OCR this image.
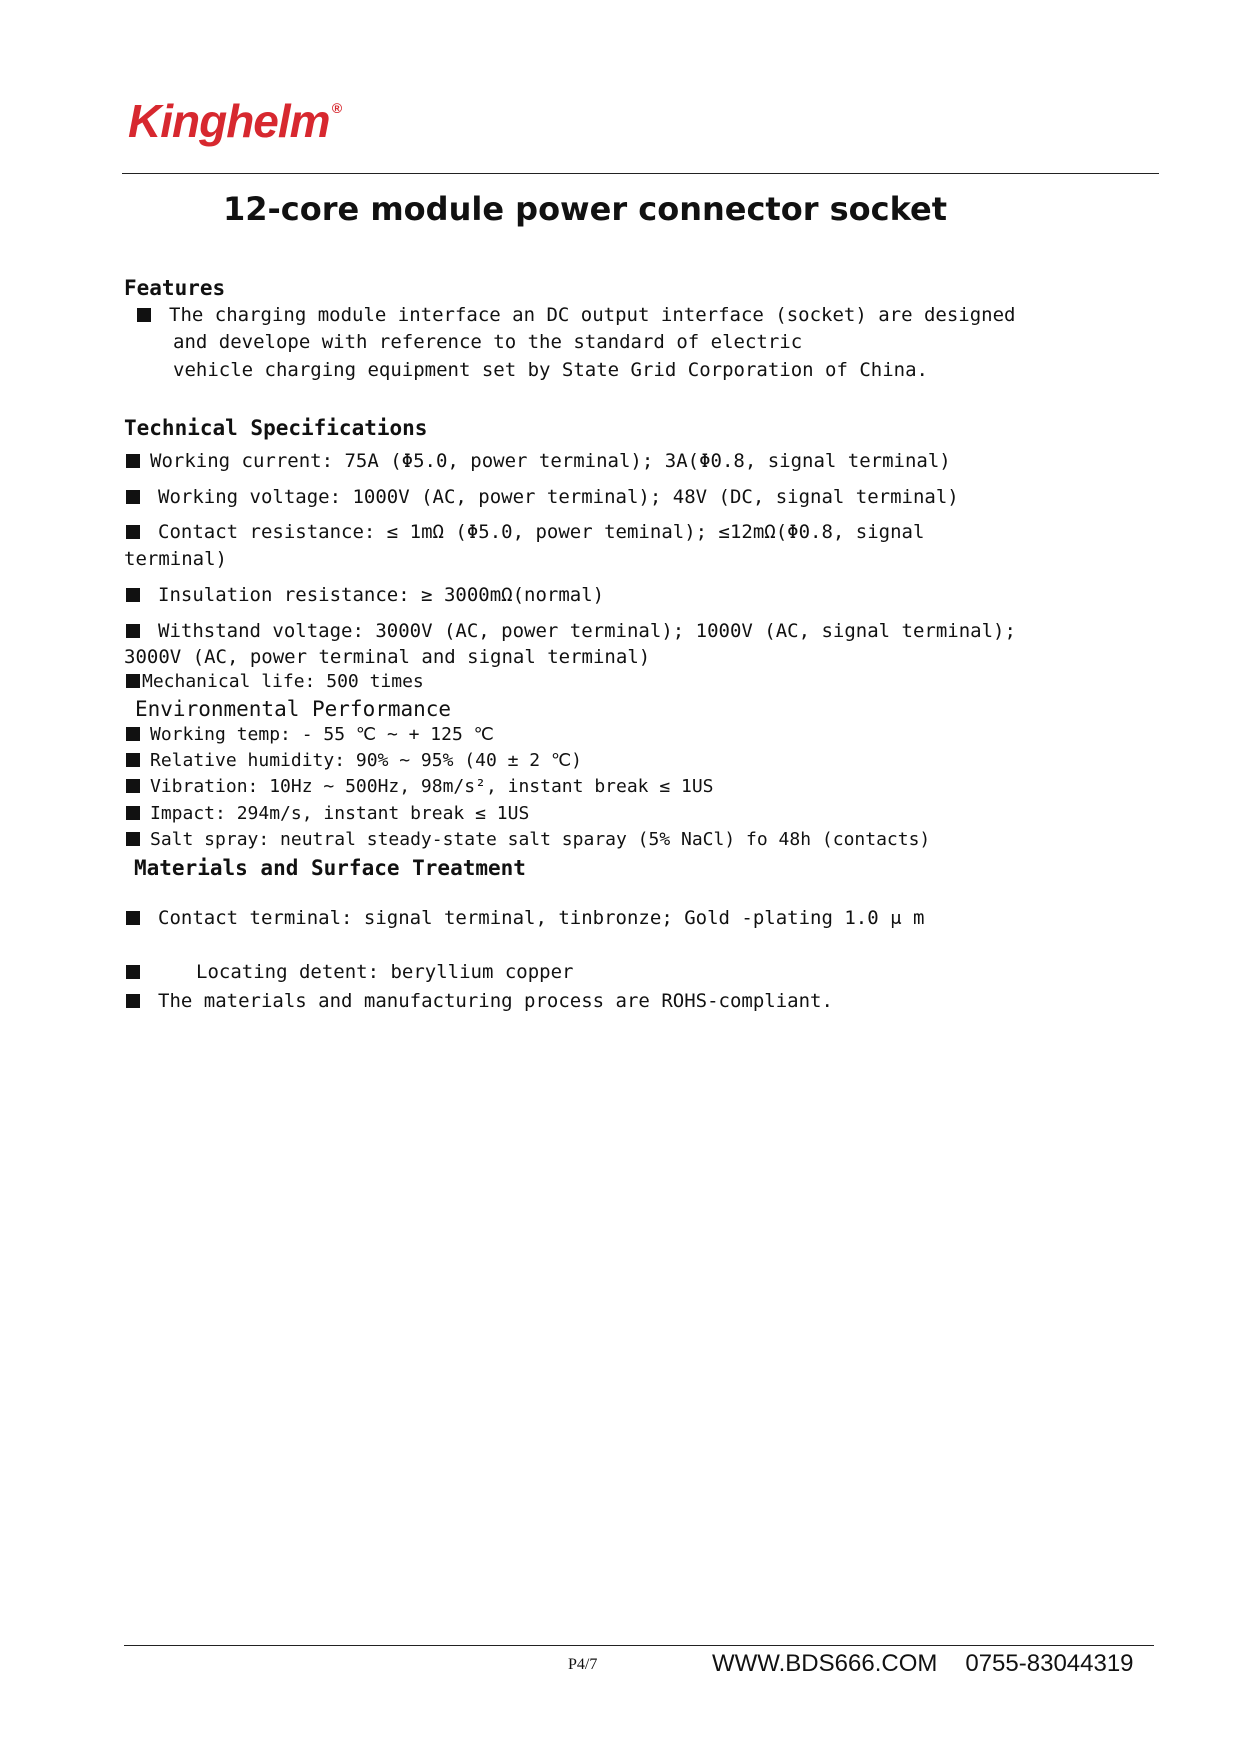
Kinghelm ®
12-core module power connector socket
Features
The charging module interface an DC output interface (socket) are designed
and develope with reference to the standard of electric
vehicle charging equipment set by State Grid Corporation of China.
Technical Specifications
Working current: 75A (Φ5.0, power terminal); 3A(Φ0.8, signal terminal)
Working voltage: 1000V (AC, power terminal); 48V (DC, signal terminal)
Contact resistance: ≤ 1mΩ (Φ5.0, power teminal); ≤12mΩ(Φ0.8, signal
terminal)
Insulation resistance: ≥ 3000mΩ(normal)
Withstand voltage: 3000V (AC, power terminal); 1000V (AC, signal terminal);
3000V (AC, power terminal and signal terminal)
Mechanical life: 500 times
Environmental Performance
Working temp: - 55 ℃ ~ + 125 ℃
Relative humidity: 90% ~ 95% (40 ± 2 ℃)
Vibration: 10Hz ~ 500Hz, 98m/s², instant break ≤ 1US
Impact: 294m/s, instant break ≤ 1US
Salt spray: neutral steady-state salt sparay (5% NaCl) fo 48h (contacts)
Materials and Surface Treatment
Contact terminal: signal terminal, tinbronze; Gold -plating 1.0 μ m
Locating detent: beryllium copper
The materials and manufacturing process are ROHS-compliant.
P4/7	WWW.BDS666.COM 0755-83044319
